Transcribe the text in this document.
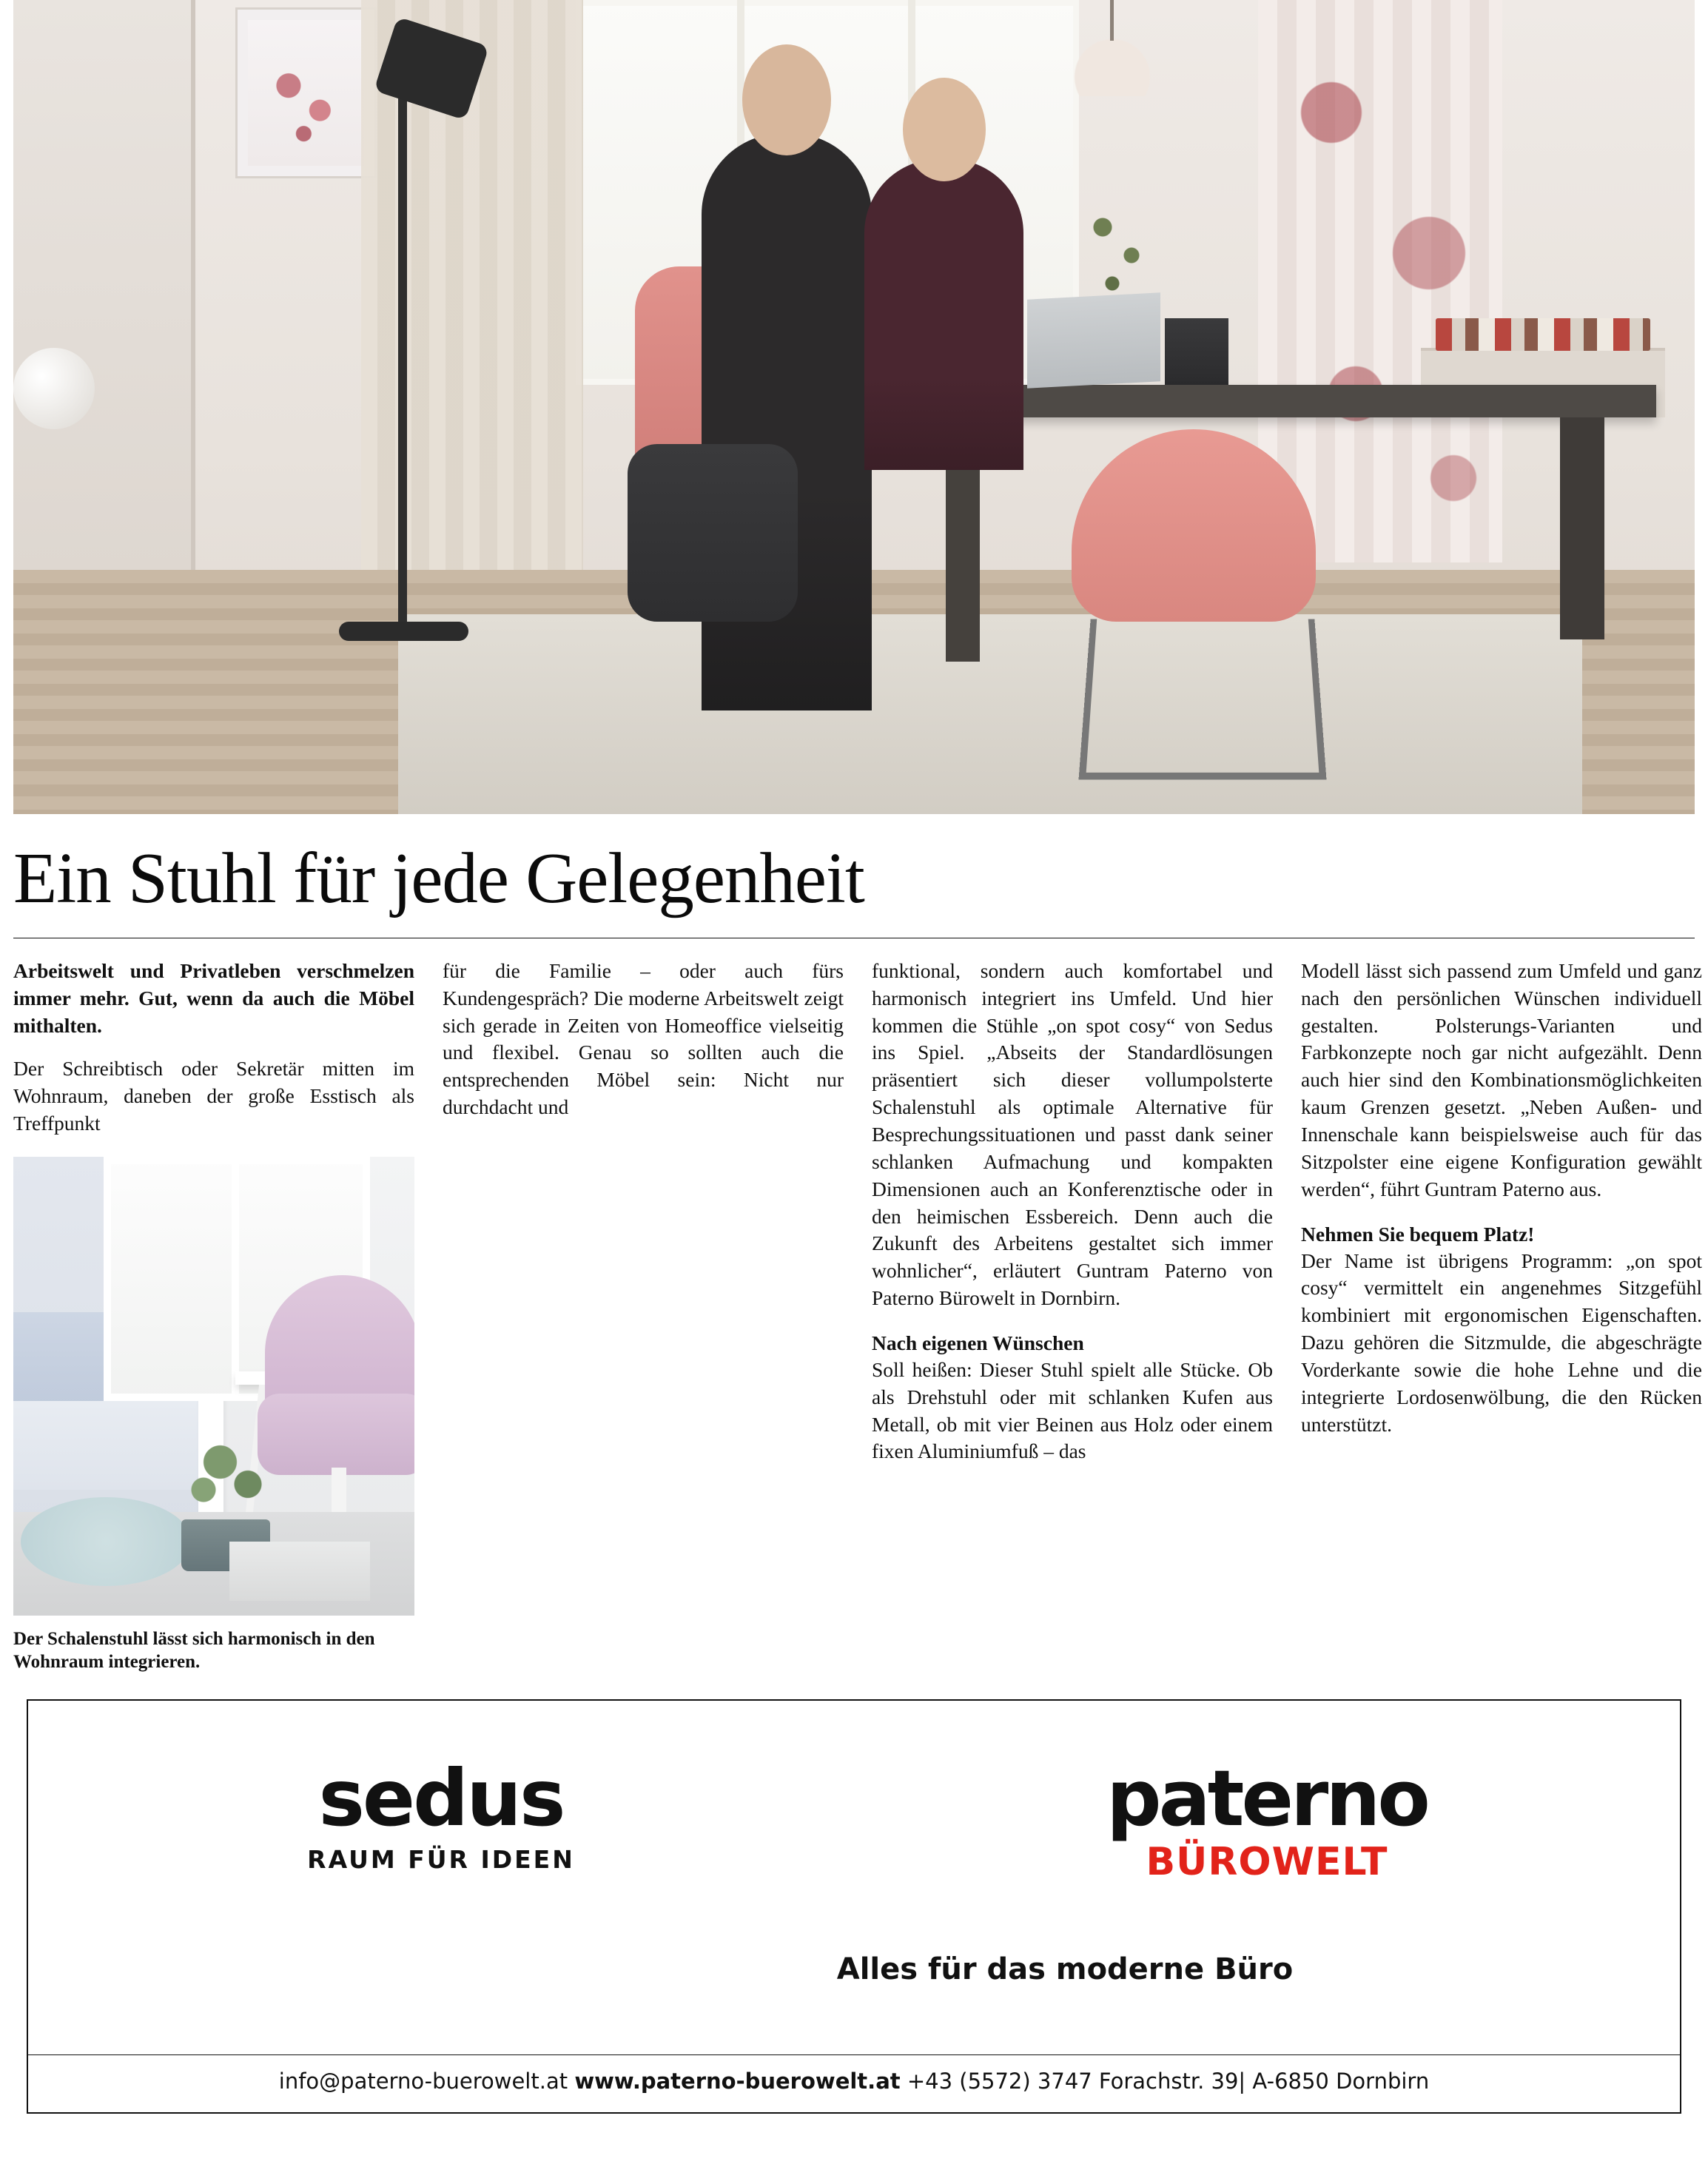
Ein Stuhl für jede Gelegenheit

Arbeitswelt und Privatleben verschmelzen immer mehr. Gut, wenn da auch die Möbel mithalten.

Der Schreibtisch oder Sekretär mitten im Wohnraum, daneben der große Esstisch als Treffpunkt

Der Schalenstuhl lässt sich harmonisch in den Wohnraum integrieren.

für die Familie – oder auch fürs Kundengespräch? Die moderne Arbeitswelt zeigt sich gerade in Zeiten von Homeoffice vielseitig und flexibel. Genau so sollten auch die entsprechenden Möbel sein: Nicht nur durchdacht und

funktional, sondern auch komfortabel und harmonisch integriert ins Umfeld. Und hier kommen die Stühle „on spot cosy“ von Sedus ins Spiel. „Abseits der Standardlösungen präsentiert sich dieser vollumpolsterte Schalenstuhl als optimale Alternative für Besprechungssituationen und passt dank seiner schlanken Aufmachung und kompakten Dimensionen auch an Konferenztische oder in den heimischen Essbereich. Denn auch die Zukunft des Arbeitens gestaltet sich immer wohnlicher“, erläutert Guntram Paterno von Paterno Bürowelt in Dornbirn.

Nach eigenen Wünschen

Soll heißen: Dieser Stuhl spielt alle Stücke. Ob als Drehstuhl oder mit schlanken Kufen aus Metall, ob mit vier Beinen aus Holz oder einem fixen Aluminiumfuß – das

Modell lässt sich passend zum Umfeld und ganz nach den persönlichen Wünschen individuell gestalten. Polsterungs-Varianten und Farbkonzepte noch gar nicht aufgezählt. Denn auch hier sind den Kombinationsmöglichkeiten kaum Grenzen gesetzt. „Neben Außen- und Innenschale kann beispielsweise auch für das Sitzpolster eine eigene Konfiguration gewählt werden“, führt Guntram Paterno aus.

Nehmen Sie bequem Platz!

Der Name ist übrigens Programm: „on spot cosy“ vermittelt ein angenehmes Sitzgefühl kombiniert mit ergonomischen Eigenschaften. Dazu gehören die Sitzmulde, die abgeschrägte Vorderkante sowie die hohe Lehne und die integrierte Lordosenwölbung, die den Rücken unterstützt.

sedus
RAUM FÜR IDEEN
paterno
BÜROWELT
Alles für das moderne Büro
info@paterno-buerowelt.at www.paterno-buerowelt.at +43 (5572) 3747 Forachstr. 39| A-6850 Dornbirn
